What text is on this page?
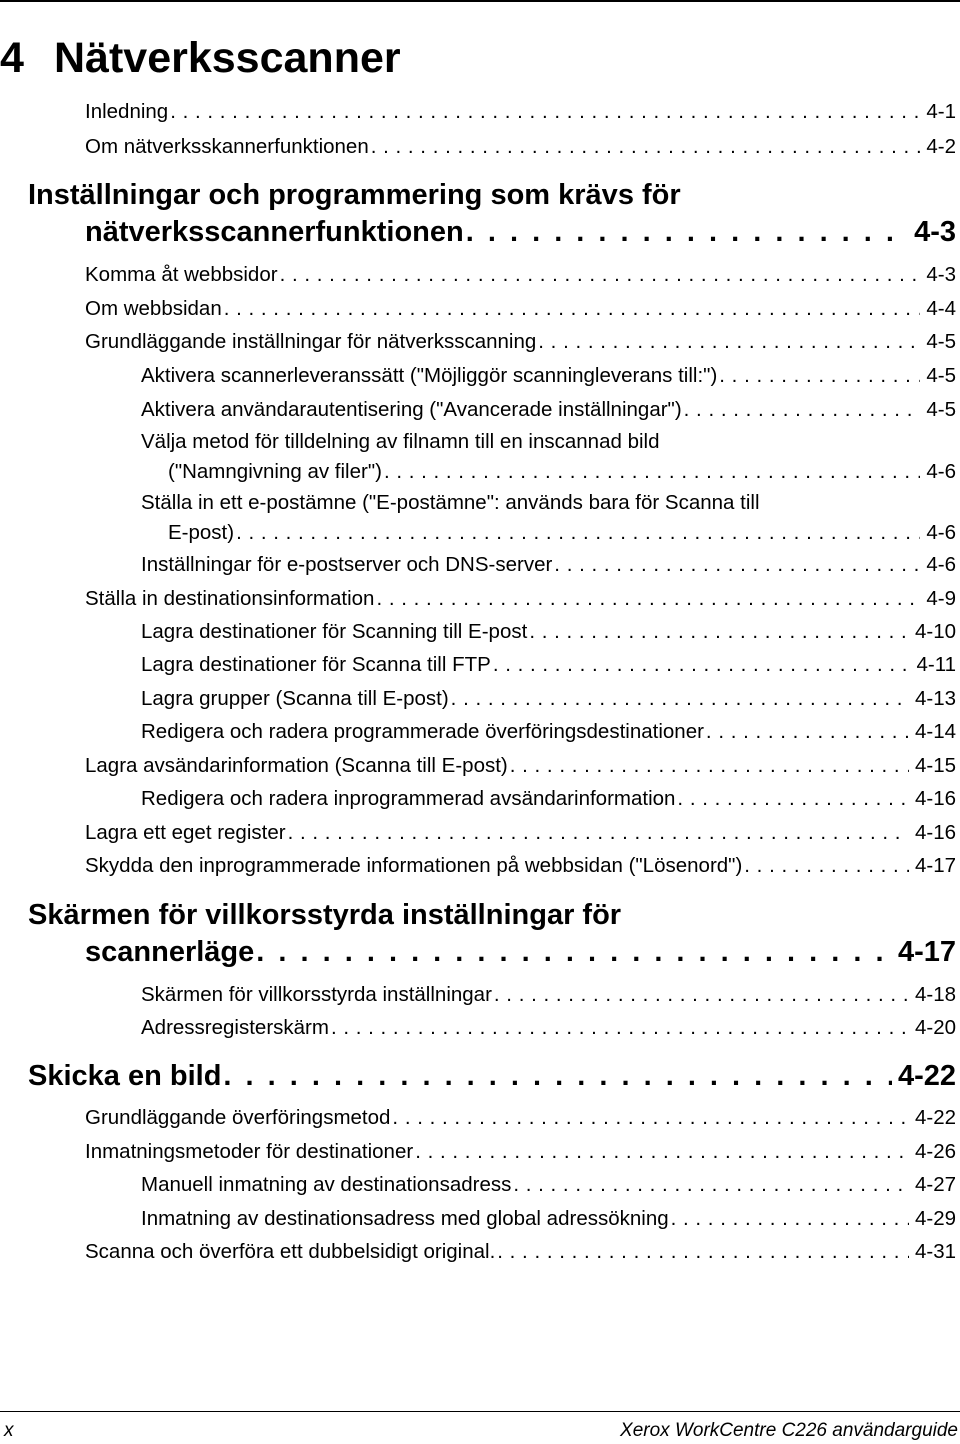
4 Nätverksscanner
Inledning . . .	4-1
Om nätverksskannerfunktionen . . .	4-2
Inställningar och programmering som krävs för
nätverksscannerfunktionen . . .	4-3
Komma åt webbsidor . . .	4-3
Om webbsidan . . .	4-4
Grundläggande inställningar för nätverksscanning . . .	4-5
Aktivera scannerleveranssätt ("Möjliggör scanningleverans till:") . . .	4-5
Aktivera användarautentisering ("Avancerade inställningar") . . .	4-5
Välja metod för tilldelning av filnamn till en inscannad bild
("Namngivning av filer") . . .	4-6
Ställa in ett e-postämne ("E-postämne": används bara för Scanna till
E-post) . . .	4-6
Inställningar för e-postserver och DNS-server . . .	4-6
Ställa in destinationsinformation . . .	4-9
Lagra destinationer för Scanning till E-post . . .	4-10
Lagra destinationer för Scanna till FTP . . .	4-11
Lagra grupper (Scanna till E-post) . . .	4-13
Redigera och radera programmerade överföringsdestinationer . . .	4-14
Lagra avsändarinformation (Scanna till E-post) . . .	4-15
Redigera och radera inprogrammerad avsändarinformation . . .	4-16
Lagra ett eget register . . .	4-16
Skydda den inprogrammerade informationen på webbsidan ("Lösenord") . . .	4-17
Skärmen för villkorsstyrda inställningar för
scannerläge . . .	4-17
Skärmen för villkorsstyrda inställningar . . .	4-18
Adressregisterskärm . . .	4-20
Skicka en bild . . .	4-22
Grundläggande överföringsmetod . . .	4-22
Inmatningsmetoder för destinationer . . .	4-26
Manuell inmatning av destinationsadress . . .	4-27
Inmatning av destinationsadress med global adressökning . . .	4-29
Scanna och överföra ett dubbelsidigt original. . . .	4-31
x	Xerox WorkCentre C226 användarguide
